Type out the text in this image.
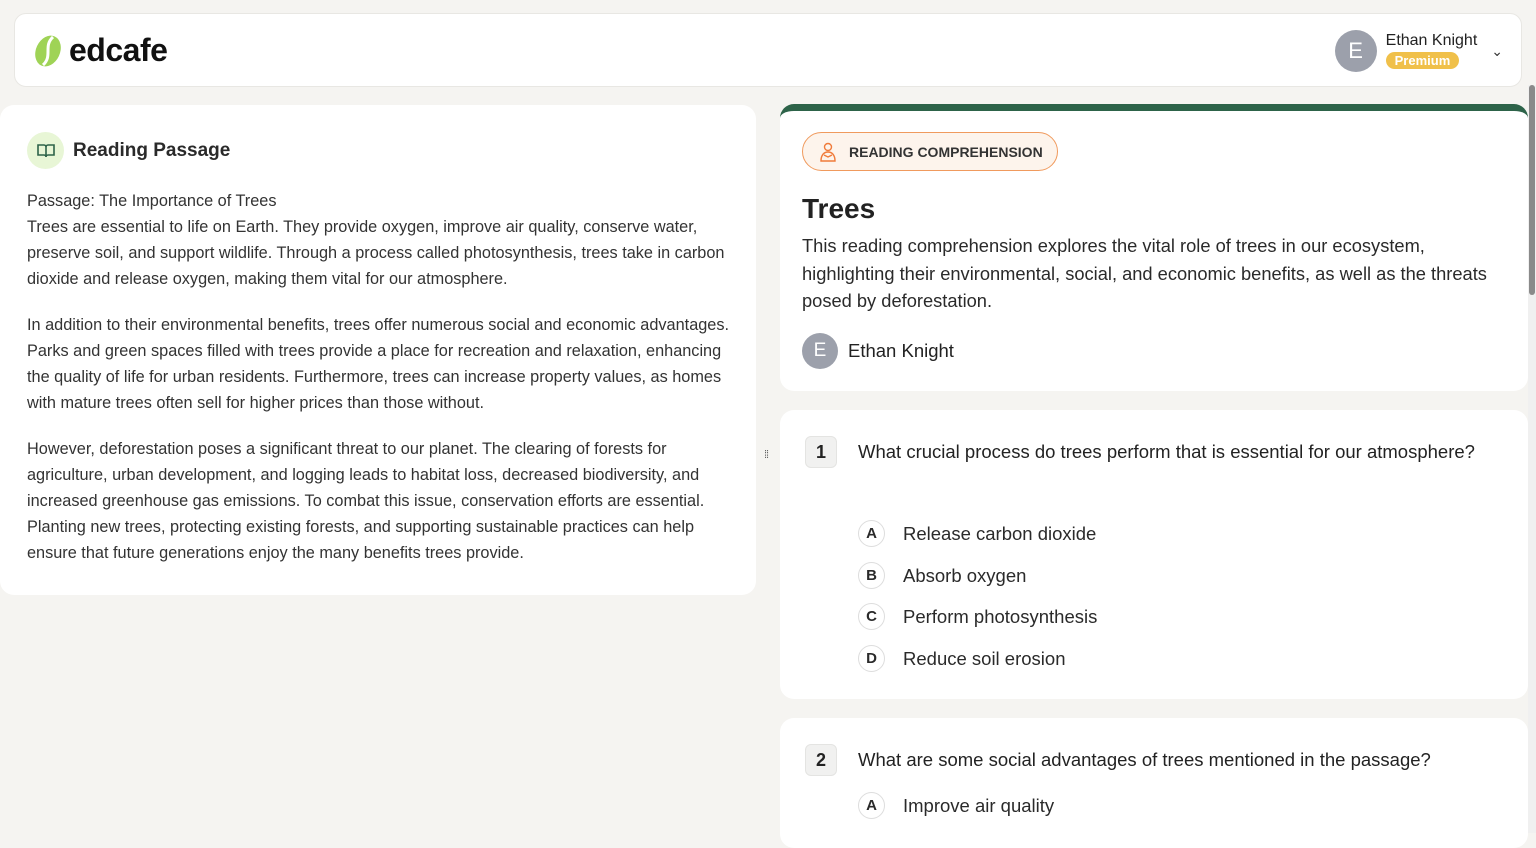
edcafe	E	Ethan Knight
Premium
⌄
Reading Passage
Passage: The Importance of Trees

Trees are essential to life on Earth. They provide oxygen, improve air quality, conserve water, preserve soil, and support wildlife. Through a process called photosynthesis, trees take in carbon dioxide and release oxygen, making them vital for our atmosphere.

In addition to their environmental benefits, trees offer numerous social and economic advantages. Parks and green spaces filled with trees provide a place for recreation and relaxation, enhancing the quality of life for urban residents. Furthermore, trees can increase property values, as homes with mature trees often sell for higher prices than those without.

However, deforestation poses a significant threat to our planet. The clearing of forests for agriculture, urban development, and logging leads to habitat loss, decreased biodiversity, and increased greenhouse gas emissions. To combat this issue, conservation efforts are essential. Planting new trees, protecting existing forests, and supporting sustainable practices can help ensure that future generations enjoy the many benefits trees provide.

⁞⁞
READING COMPREHENSION
Trees
This reading comprehension explores the vital role of trees in our ecosystem, highlighting their environmental, social, and economic benefits, as well as the threats posed by deforestation.
E	Ethan Knight
1	What crucial process do trees perform that is essential for our atmosphere?
A	Release carbon dioxide
B	Absorb oxygen
C	Perform photosynthesis
D	Reduce soil erosion
2	What are some social advantages of trees mentioned in the passage?
A	Improve air quality
